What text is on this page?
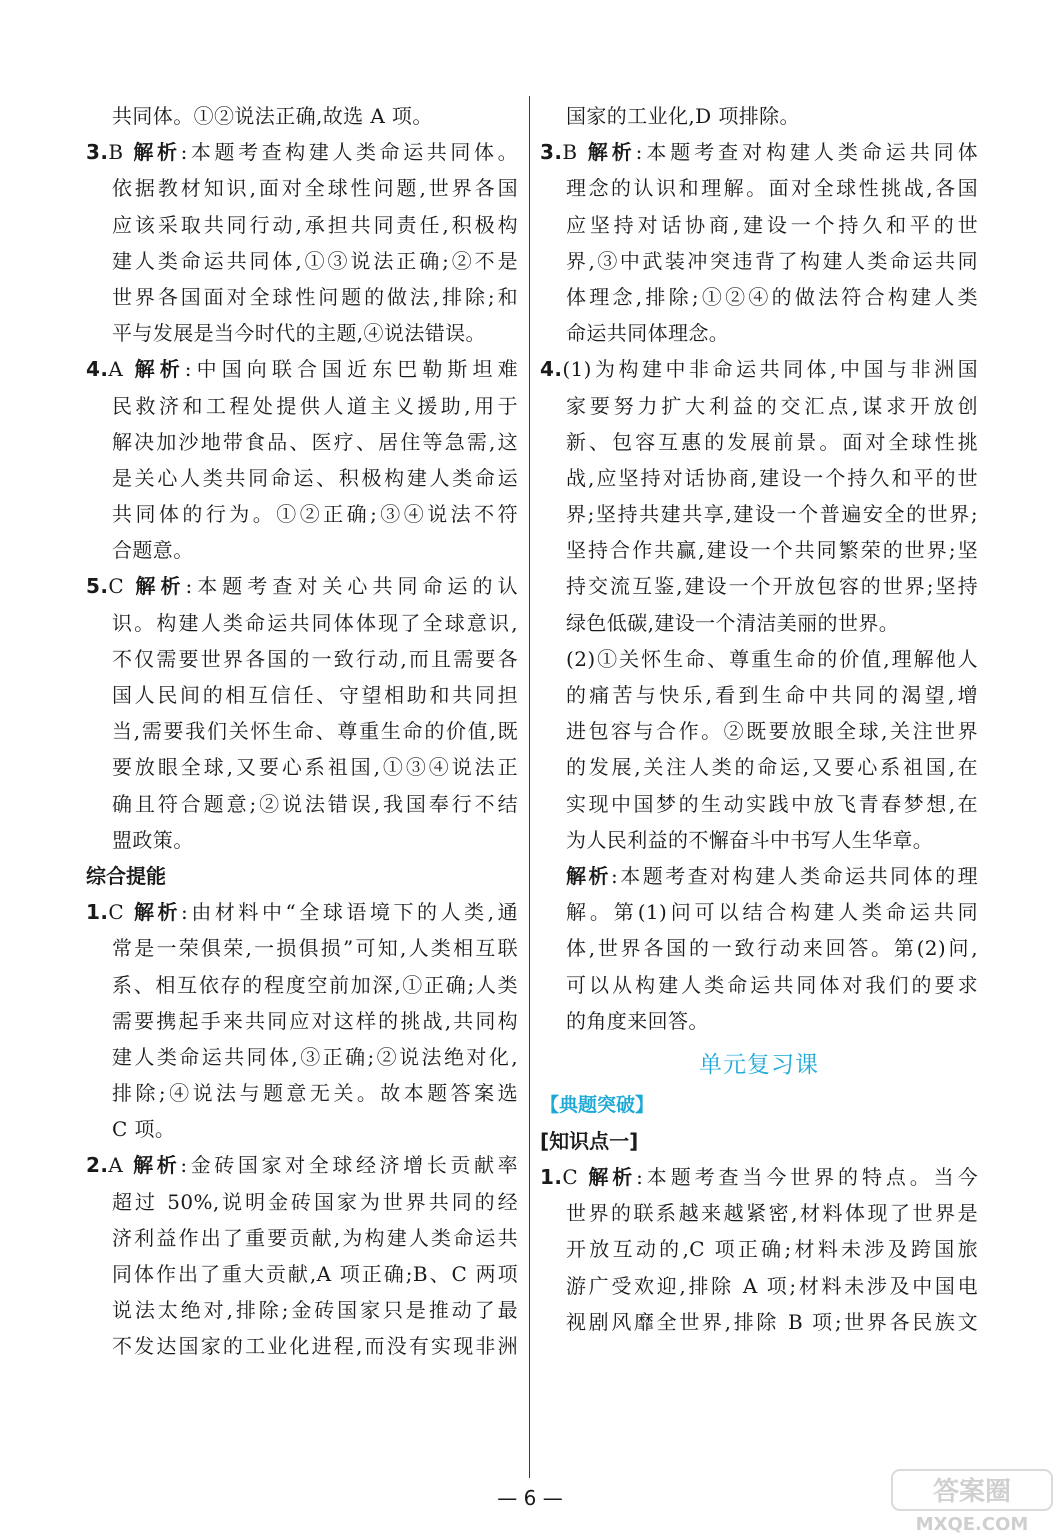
共同体。①②说法正确,故选 A 项。
3.B 解析:本题考查构建人类命运共同体。
依据教材知识,面对全球性问题,世界各国
应该采取共同行动,承担共同责任,积极构
建人类命运共同体,①③说法正确;②不是
世界各国面对全球性问题的做法,排除;和
平与发展是当今时代的主题,④说法错误。
4.A 解析:中国向联合国近东巴勒斯坦难
民救济和工程处提供人道主义援助,用于
解决加沙地带食品、医疗、居住等急需,这
是关心人类共同命运、积极构建人类命运
共同体的行为。①②正确;③④说法不符
合题意。
5.C 解析:本题考查对关心共同命运的认
识。构建人类命运共同体体现了全球意识,
不仅需要世界各国的一致行动,而且需要各
国人民间的相互信任、守望相助和共同担
当,需要我们关怀生命、尊重生命的价值,既
要放眼全球,又要心系祖国,①③④说法正
确且符合题意;②说法错误,我国奉行不结
盟政策。
综合提能
1.C 解析:由材料中“全球语境下的人类,通
常是一荣俱荣,一损俱损”可知,人类相互联
系、相互依存的程度空前加深,①正确;人类
需要携起手来共同应对这样的挑战,共同构
建人类命运共同体,③正确;②说法绝对化,
排除;④说法与题意无关。故本题答案选
C 项。
2.A 解析:金砖国家对全球经济增长贡献率
超过 50%,说明金砖国家为世界共同的经
济利益作出了重要贡献,为构建人类命运共
同体作出了重大贡献,A 项正确;B、C 两项
说法太绝对,排除;金砖国家只是推动了最
不发达国家的工业化进程,而没有实现非洲
国家的工业化,D 项排除。
3.B 解析:本题考查对构建人类命运共同体
理念的认识和理解。面对全球性挑战,各国
应坚持对话协商,建设一个持久和平的世
界,③中武装冲突违背了构建人类命运共同
体理念,排除;①②④的做法符合构建人类
命运共同体理念。
4.(1)为构建中非命运共同体,中国与非洲国
家要努力扩大利益的交汇点,谋求开放创
新、包容互惠的发展前景。面对全球性挑
战,应坚持对话协商,建设一个持久和平的世
界;坚持共建共享,建设一个普遍安全的世界;
坚持合作共赢,建设一个共同繁荣的世界;坚
持交流互鉴,建设一个开放包容的世界;坚持
绿色低碳,建设一个清洁美丽的世界。
(2)①关怀生命、尊重生命的价值,理解他人
的痛苦与快乐,看到生命中共同的渴望,增
进包容与合作。②既要放眼全球,关注世界
的发展,关注人类的命运,又要心系祖国,在
实现中国梦的生动实践中放飞青春梦想,在
为人民利益的不懈奋斗中书写人生华章。
解析:本题考查对构建人类命运共同体的理
解。第(1)问可以结合构建人类命运共同
体,世界各国的一致行动来回答。第(2)问,
可以从构建人类命运共同体对我们的要求
的角度来回答。
单元复习课
【典题突破】
[知识点一]
1.C 解析:本题考查当今世界的特点。当今
世界的联系越来越紧密,材料体现了世界是
开放互动的,C 项正确;材料未涉及跨国旅
游广受欢迎,排除 A 项;材料未涉及中国电
视剧风靡全世界,排除 B 项;世界各民族文
— 6 —	答案圈
MXQE.COM
